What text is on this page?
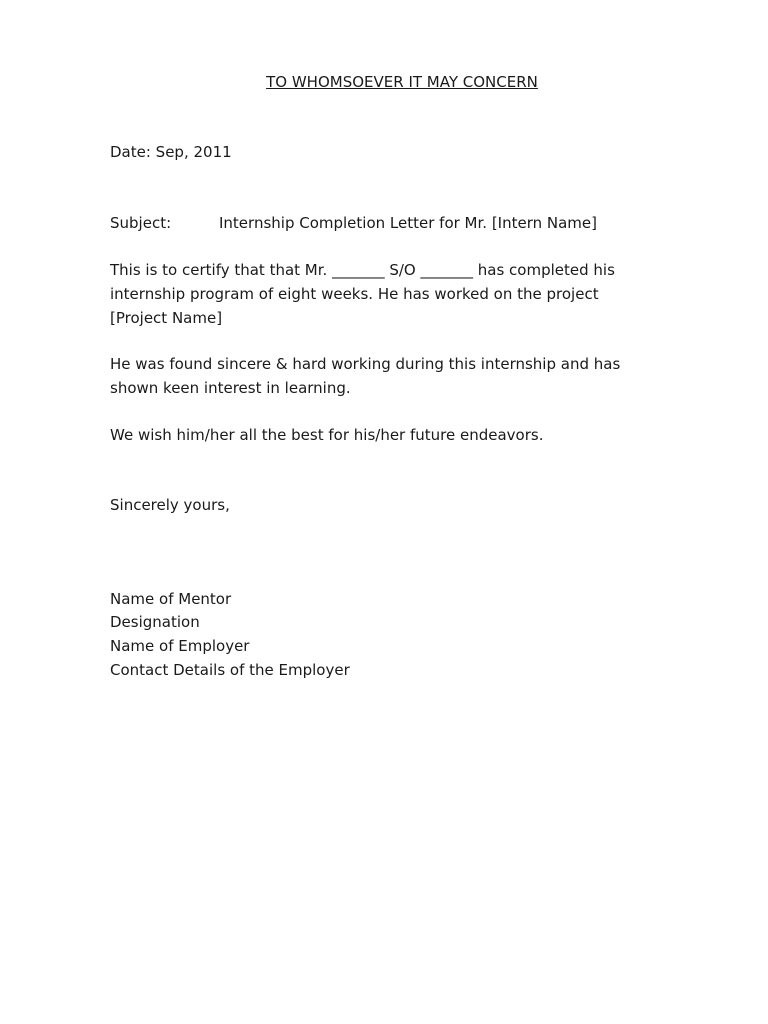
TO WHOMSOEVER IT MAY CONCERN
Date: Sep, 2011
Subject:	Internship Completion Letter for Mr. [Intern Name]
This is to certify that that Mr. _______ S/O _______ has completed his internship program of eight weeks. He has worked on the project [Project Name]
He was found sincere & hard working during this internship and has shown keen interest in learning.
We wish him/her all the best for his/her future endeavors.
Sincerely yours,
Name of Mentor
Designation
Name of Employer
Contact Details of the Employer
